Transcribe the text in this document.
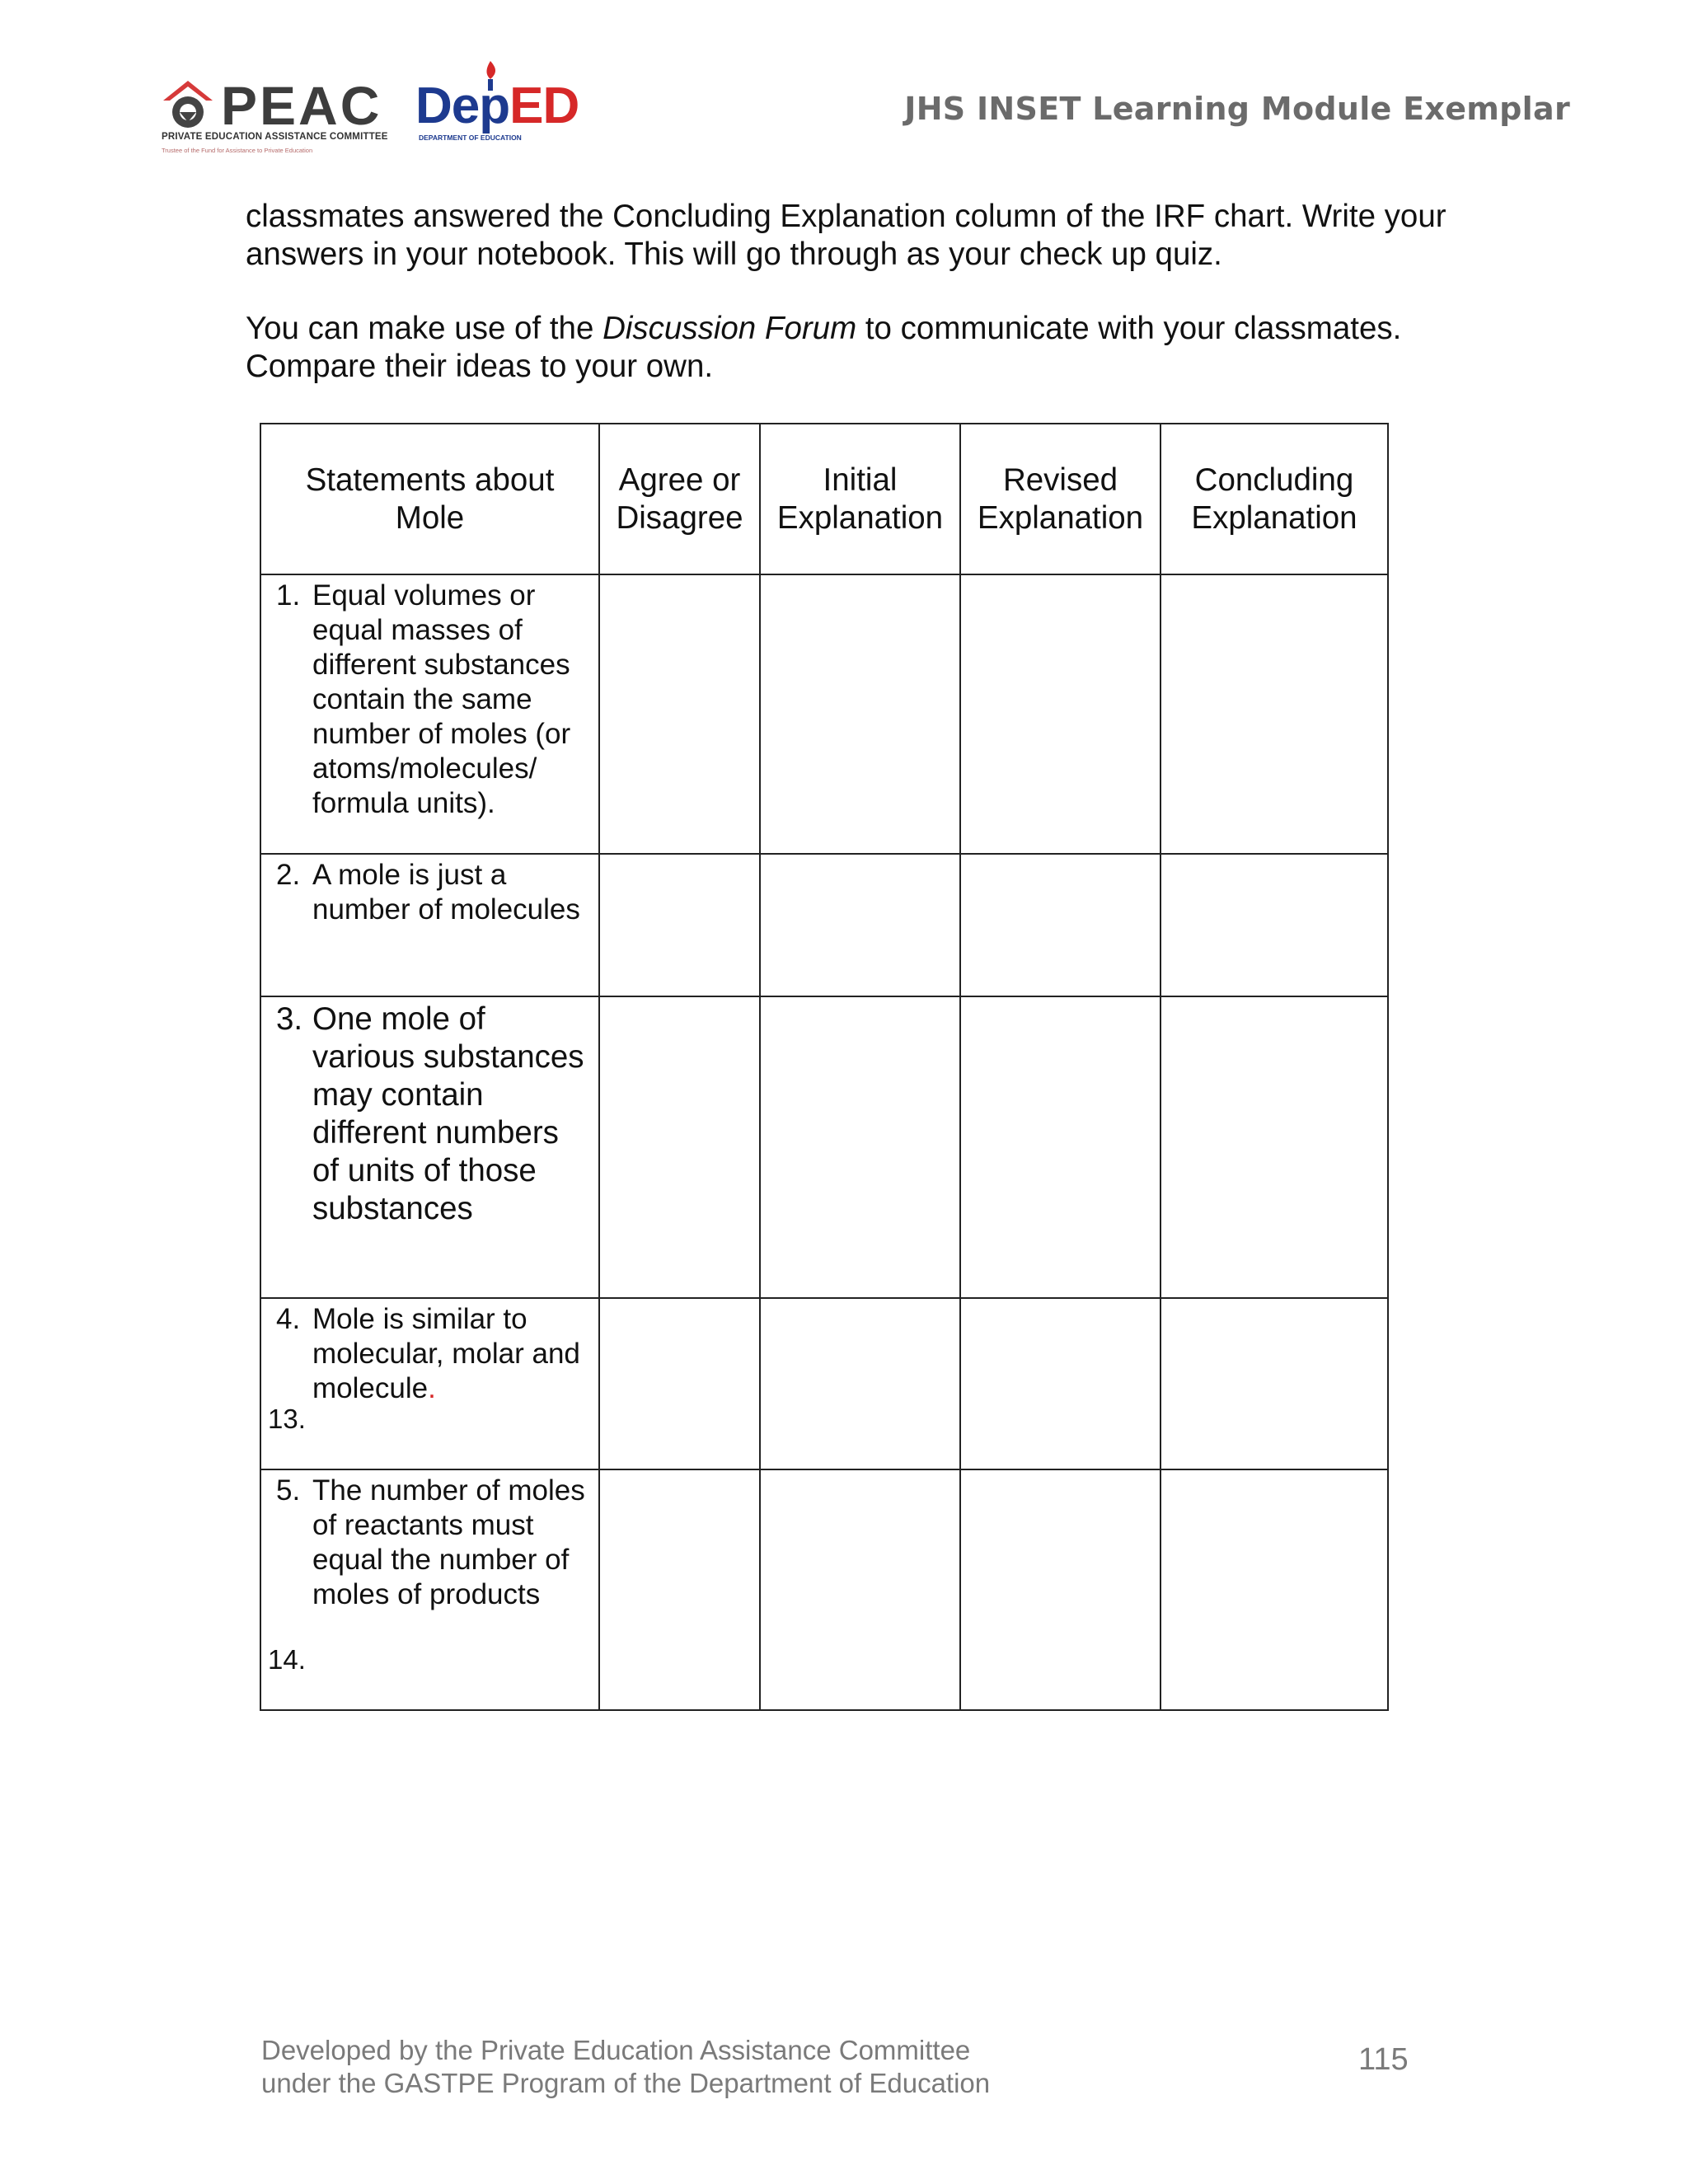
PEAC
PRIVATE EDUCATION ASSISTANCE COMMITTEE
Trustee of the Fund for Assistance to Private Education
DepED
DEPARTMENT OF EDUCATION
JHS INSET Learning Module Exemplar
classmates answered the Concluding Explanation column of the IRF chart. Write your answers in your notebook. This will go through as your check up quiz.
You can make use of the Discussion Forum to communicate with your classmates. Compare their ideas to your own.
Statements about Mole	Agree or Disagree	Initial Explanation	Revised Explanation	Concluding Explanation

1. Equal volumes or equal masses of different substances contain the same number of moles (or atoms/molecules/ formula units).				

2. A mole is just a number of molecules				

3. One mole of various substances may contain different numbers of units of those substances				

4. Mole is similar to molecular, molar and molecule.
13.				

5. The number of moles of reactants must equal the number of moles of products
14.				

Developed by the Private Education Assistance Committee
under the GASTPE Program of the Department of Education
115
